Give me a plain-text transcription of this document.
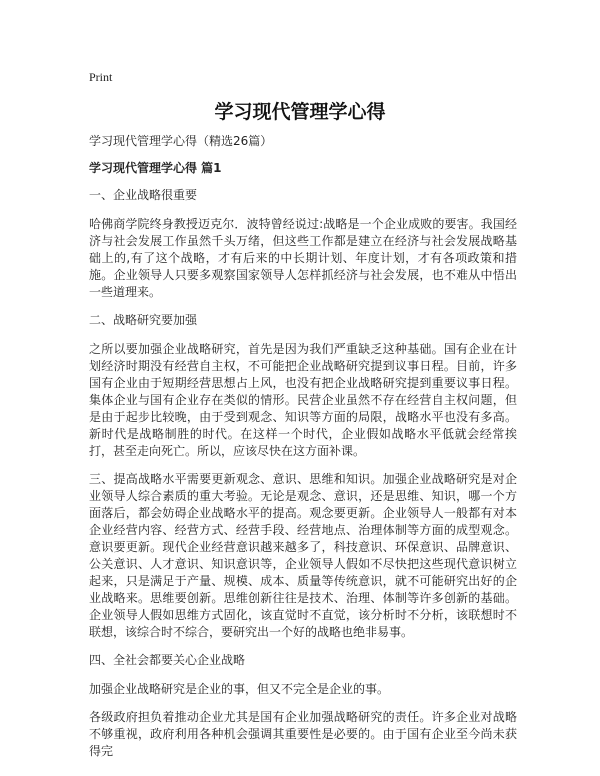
Print
学习现代管理学心得

学习现代管理学心得（精选26篇）

学习现代管理学心得 篇1

一、企业战略很重要

哈佛商学院终身教授迈克尔．波特曾经说过:战略是一个企业成败的要害。我国经济与社会发展工作虽然千头万绪，但这些工作都是建立在经济与社会发展战略基础上的,有了这个战略，才有后来的中长期计划、年度计划，才有各项政策和措施。企业领导人只要多观察国家领导人怎样抓经济与社会发展，也不难从中悟出一些道理来。

二、战略研究要加强

之所以要加强企业战略研究，首先是因为我们严重缺乏这种基础。国有企业在计划经济时期没有经营自主权，不可能把企业战略研究提到议事日程。目前，许多国有企业由于短期经营思想占上风，也没有把企业战略研究提到重要议事日程。集体企业与国有企业存在类似的情形。民营企业虽然不存在经营自主权问题，但是由于起步比较晚，由于受到观念、知识等方面的局限，战略水平也没有多高。新时代是战略制胜的时代。在这样一个时代，企业假如战略水平低就会经常挨打，甚至走向死亡。所以，应该尽快在这方面补课。

三、提高战略水平需要更新观念、意识、思维和知识。加强企业战略研究是对企业领导人综合素质的重大考验。无论是观念、意识，还是思维、知识，哪一个方面落后，都会妨碍企业战略水平的提高。观念要更新。企业领导人一般都有对本企业经营内容、经营方式、经营手段、经营地点、治理体制等方面的成型观念。意识要更新。现代企业经营意识越来越多了，科技意识、环保意识、品牌意识、公关意识、人才意识、知识意识等，企业领导人假如不尽快把这些现代意识树立起来，只是满足于产量、规模、成本、质量等传统意识，就不可能研究出好的企业战略来。思维要创新。思维创新往往是技术、治理、体制等许多创新的基础。企业领导人假如思维方式固化，该直觉时不直觉，该分析时不分析，该联想时不联想，该综合时不综合，要研究出一个好的战略也绝非易事。

四、全社会都要关心企业战略

加强企业战略研究是企业的事，但又不完全是企业的事。

各级政府担负着推动企业尤其是国有企业加强战略研究的责任。许多企业对战略不够重视，政府利用各种机会强调其重要性是必要的。由于国有企业至今尚未获得完
